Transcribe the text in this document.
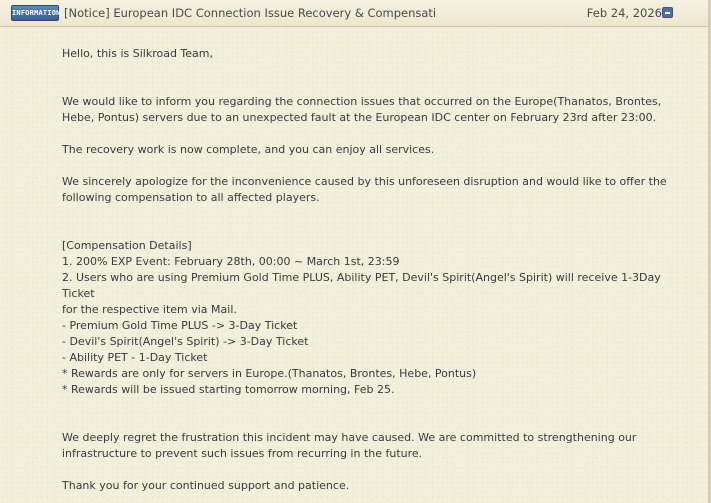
INFORMATION [Notice] European IDC Connection Issue Recovery & Compensati	Feb 24, 2026

Hello, this is Silkroad Team,

We would like to inform you regarding the connection issues that occurred on the Europe(Thanatos, Brontes,
Hebe, Pontus) servers due to an unexpected fault at the European IDC center on February 23rd after 23:00.

The recovery work is now complete, and you can enjoy all services.

We sincerely apologize for the inconvenience caused by this unforeseen disruption and would like to offer the
following compensation to all affected players.

[Compensation Details]
1. 200% EXP Event: February 28th, 00:00 ~ March 1st, 23:59
2. Users who are using Premium Gold Time PLUS, Ability PET, Devil's Spirit(Angel's Spirit) will receive 1-3Day Ticket
for the respective item via Mail.
- Premium Gold Time PLUS -> 3-Day Ticket
- Devil's Spirit(Angel's Spirit) -> 3-Day Ticket
- Ability PET - 1-Day Ticket

* Rewards are only for servers in Europe.(Thanatos, Brontes, Hebe, Pontus)
* Rewards will be issued starting tomorrow morning, Feb 25.

We deeply regret the frustration this incident may have caused. We are committed to strengthening our
infrastructure to prevent such issues from recurring in the future.

Thank you for your continued support and patience.
